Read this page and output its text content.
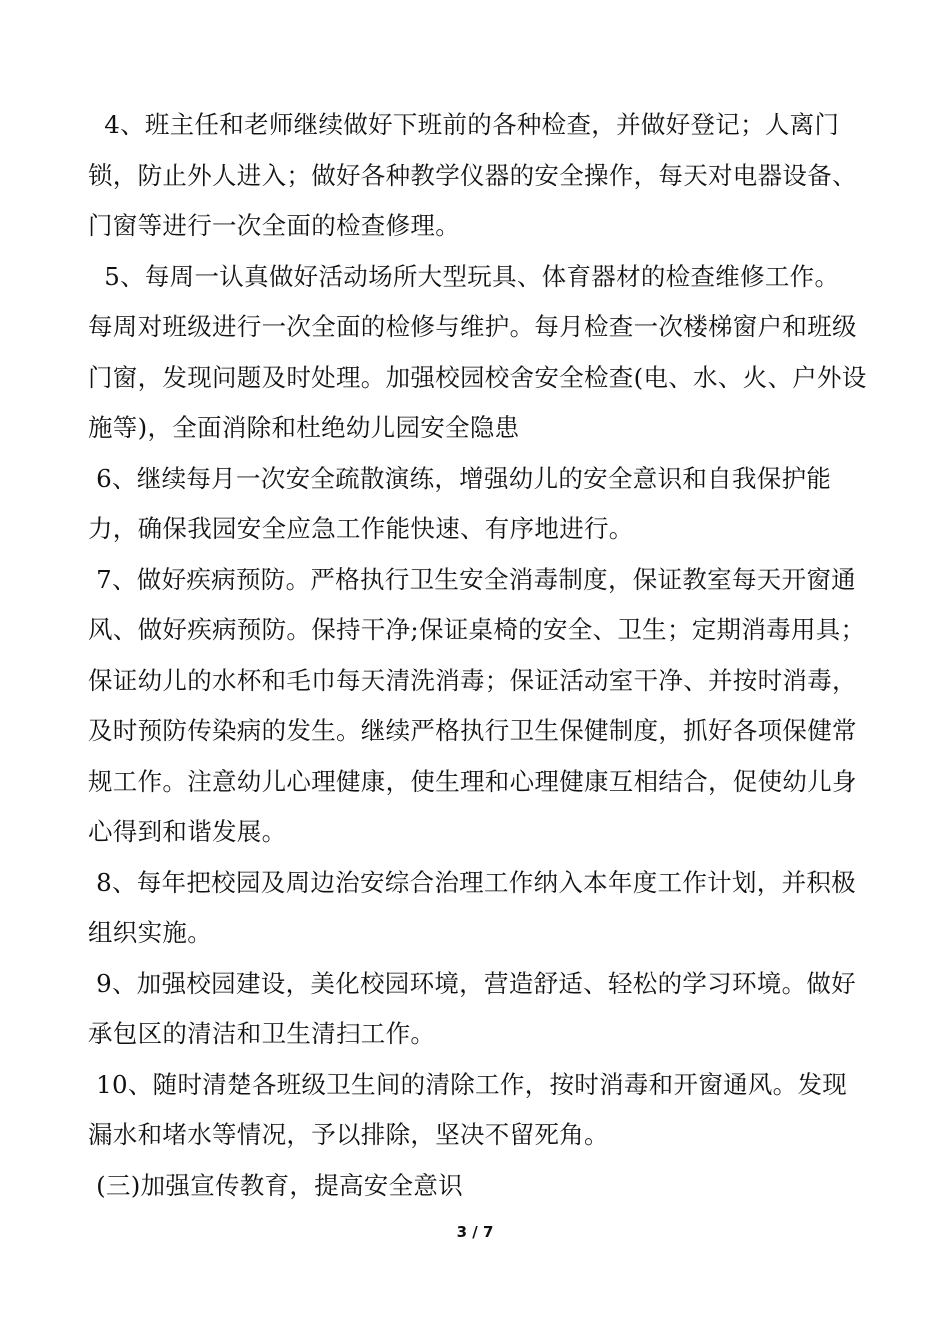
4、班主任和老师继续做好下班前的各种检查，并做好登记；人离门锁，防止外人进入；做好各种教学仪器的安全操作，每天对电器设备、门窗等进行一次全面的检查修理。

5、每周一认真做好活动场所大型玩具、体育器材的检查维修工作。 每周对班级进行一次全面的检修与维护。每月检查一次楼梯窗户和班级门窗，发现问题及时处理。加强校园校舍安全检查(电、水、火、户外设施等)，全面消除和杜绝幼儿园安全隐患

6、继续每月一次安全疏散演练，增强幼儿的安全意识和自我保护能力，确保我园安全应急工作能快速、有序地进行。

7、做好疾病预防。严格执行卫生安全消毒制度，保证教室每天开窗通风、做好疾病预防。保持干净;保证桌椅的安全、卫生；定期消毒用具；保证幼儿的水杯和毛巾每天清洗消毒；保证活动室干净、并按时消毒，及时预防传染病的发生。继续严格执行卫生保健制度，抓好各项保健常规工作。注意幼儿心理健康，使生理和心理健康互相结合，促使幼儿身心得到和谐发展。

8、每年把校园及周边治安综合治理工作纳入本年度工作计划，并积极组织实施。

9、加强校园建设，美化校园环境，营造舒适、轻松的学习环境。做好承包区的清洁和卫生清扫工作。

10、随时清楚各班级卫生间的清除工作，按时消毒和开窗通风。发现漏水和堵水等情况，予以排除，坚决不留死角。

(三)加强宣传教育，提高安全意识

3 / 7
